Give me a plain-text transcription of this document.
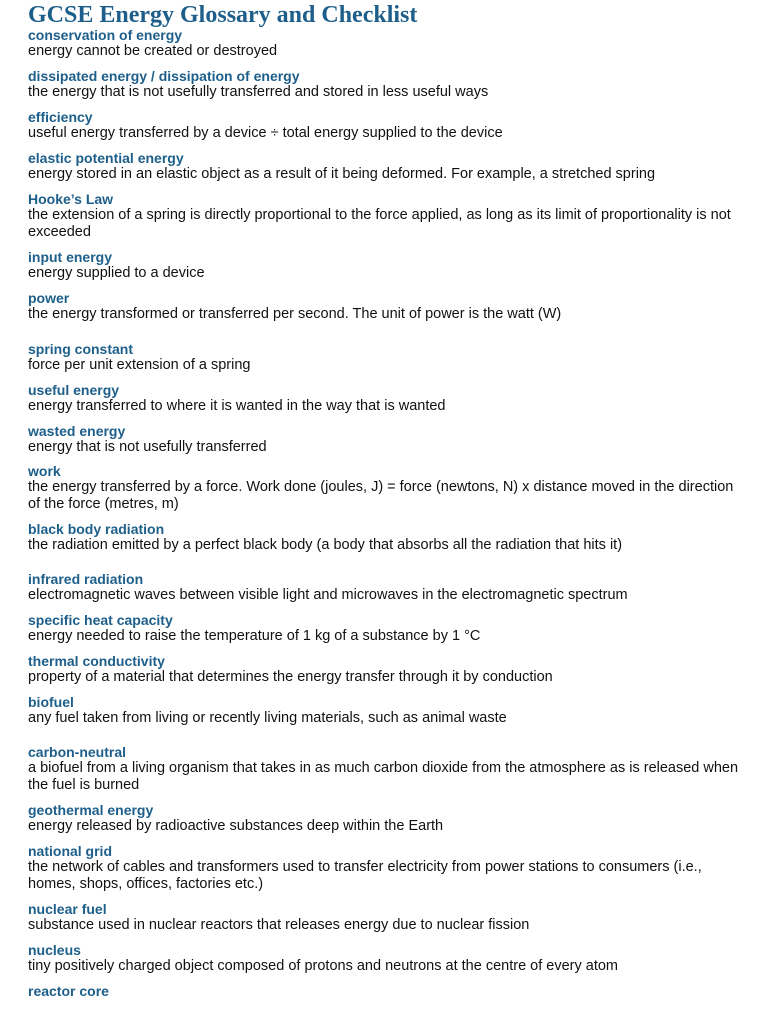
GCSE Energy Glossary and Checklist
conservation of energy
energy cannot be created or destroyed
dissipated energy / dissipation of energy
the energy that is not usefully transferred and stored in less useful ways
efficiency
useful energy transferred by a device ÷ total energy supplied to the device
elastic potential energy
energy stored in an elastic object as a result of it being deformed. For example, a stretched spring
Hooke’s Law
the extension of a spring is directly proportional to the force applied, as long as its limit of proportionality is not exceeded
input energy
energy supplied to a device
power
the energy transformed or transferred per second. The unit of power is the watt (W)
spring constant
force per unit extension of a spring
useful energy
energy transferred to where it is wanted in the way that is wanted
wasted energy
energy that is not usefully transferred
work
the energy transferred by a force. Work done (joules, J) = force (newtons, N) x distance moved in the direction of the force (metres, m)
black body radiation
the radiation emitted by a perfect black body (a body that absorbs all the radiation that hits it)
infrared radiation
electromagnetic waves between visible light and microwaves in the electromagnetic spectrum
specific heat capacity
energy needed to raise the temperature of 1 kg of a substance by 1 °C
thermal conductivity
property of a material that determines the energy transfer through it by conduction
biofuel
any fuel taken from living or recently living materials, such as animal waste
carbon-neutral
a biofuel from a living organism that takes in as much carbon dioxide from the atmosphere as is released when the fuel is burned
geothermal energy
energy released by radioactive substances deep within the Earth
national grid
the network of cables and transformers used to transfer electricity from power stations to consumers (i.e., homes, shops, offices, factories etc.)
nuclear fuel
substance used in nuclear reactors that releases energy due to nuclear fission
nucleus
tiny positively charged object composed of protons and neutrons at the centre of every atom
reactor core
